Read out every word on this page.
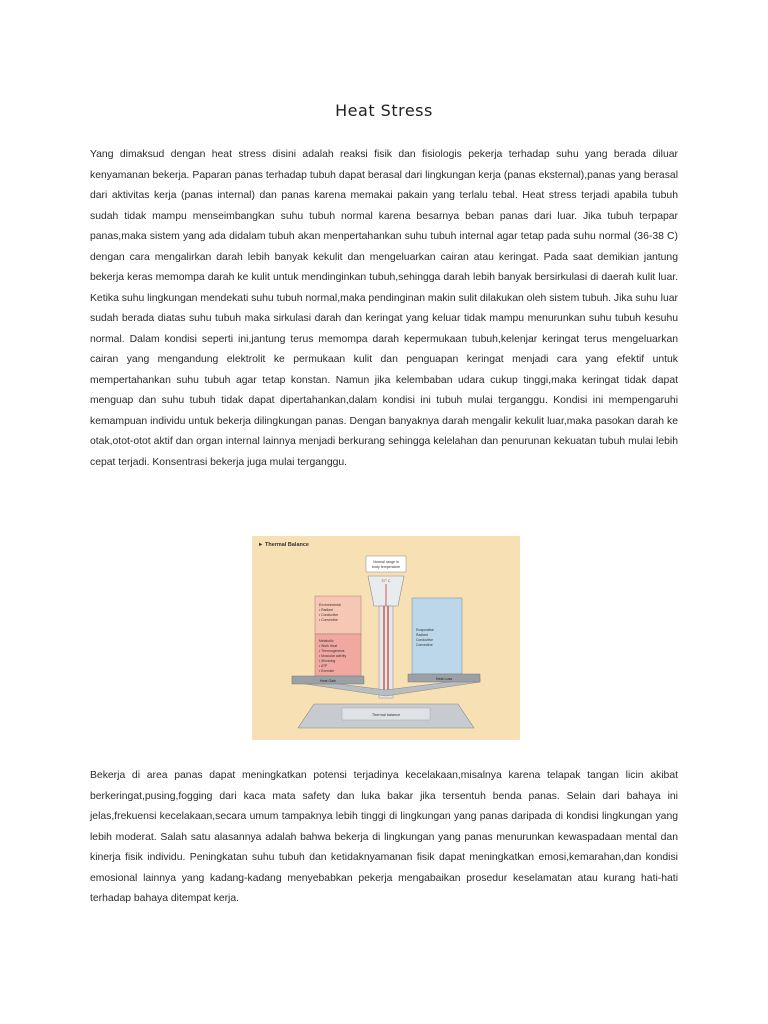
Heat Stress

Yang dimaksud dengan heat stress disini adalah reaksi fisik dan fisiologis pekerja terhadap suhu yang berada diluar kenyamanan bekerja. Paparan panas terhadap tubuh dapat berasal dari lingkungan kerja (panas eksternal),panas yang berasal dari aktivitas kerja (panas internal) dan panas karena memakai pakain yang terlalu tebal. Heat stress terjadi apabila tubuh sudah tidak mampu menseimbangkan suhu tubuh normal karena besarnya beban panas dari luar. Jika tubuh terpapar panas,maka sistem yang ada didalam tubuh akan menpertahankan suhu tubuh internal agar tetap pada suhu normal (36-38 C) dengan cara mengalirkan darah lebih banyak kekulit dan mengeluarkan cairan atau keringat. Pada saat demikian jantung bekerja keras memompa darah ke kulit untuk mendinginkan tubuh,sehingga darah lebih banyak bersirkulasi di daerah kulit luar. Ketika suhu lingkungan mendekati suhu tubuh normal,maka pendinginan makin sulit dilakukan oleh sistem tubuh. Jika suhu luar sudah berada diatas suhu tubuh maka sirkulasi darah dan keringat yang keluar tidak mampu menurunkan suhu tubuh kesuhu normal. Dalam kondisi seperti ini,jantung terus memompa darah kepermukaan tubuh,kelenjar keringat terus mengeluarkan cairan yang mengandung elektrolit ke permukaan kulit dan penguapan keringat menjadi cara yang efektif untuk mempertahankan suhu tubuh agar tetap konstan. Namun jika kelembaban udara cukup tinggi,maka keringat tidak dapat menguap dan suhu tubuh tidak dapat dipertahankan,dalam kondisi ini tubuh mulai terganggu. Kondisi ini mempengaruhi kemampuan individu untuk bekerja dilingkungan panas. Dengan banyaknya darah mengalir kekulit luar,maka pasokan darah ke otak,otot-otot aktif dan organ internal lainnya menjadi berkurang sehingga kelelahan dan penurunan kekuatan tubuh mulai lebih cepat terjadi. Konsentrasi bekerja juga mulai terganggu.

► Thermal Balance
Normal range in
body temperature
37° C
Environmental
• Radiant
• Conductive
• Convective
Metabolic
• Work Heat
• Thermogenesis
• Muscular activity
• Shivering
• ATP
• Exercise
Heat Gain
Evaporative
Radiant
Conductive
Convective
Heat Loss
Thermal balance

Bekerja di area panas dapat meningkatkan potensi terjadinya kecelakaan,misalnya karena telapak tangan licin akibat berkeringat,pusing,fogging dari kaca mata safety dan luka bakar jika tersentuh benda panas. Selain dari bahaya ini jelas,frekuensi kecelakaan,secara umum tampaknya lebih tinggi di lingkungan yang panas daripada di kondisi lingkungan yang lebih moderat. Salah satu alasannya adalah bahwa bekerja di lingkungan yang panas menurunkan kewaspadaan mental dan kinerja fisik individu. Peningkatan suhu tubuh dan ketidaknyamanan fisik dapat meningkatkan emosi,kemarahan,dan kondisi emosional lainnya yang kadang-kadang menyebabkan pekerja mengabaikan prosedur keselamatan atau kurang hati-hati terhadap bahaya ditempat kerja.
